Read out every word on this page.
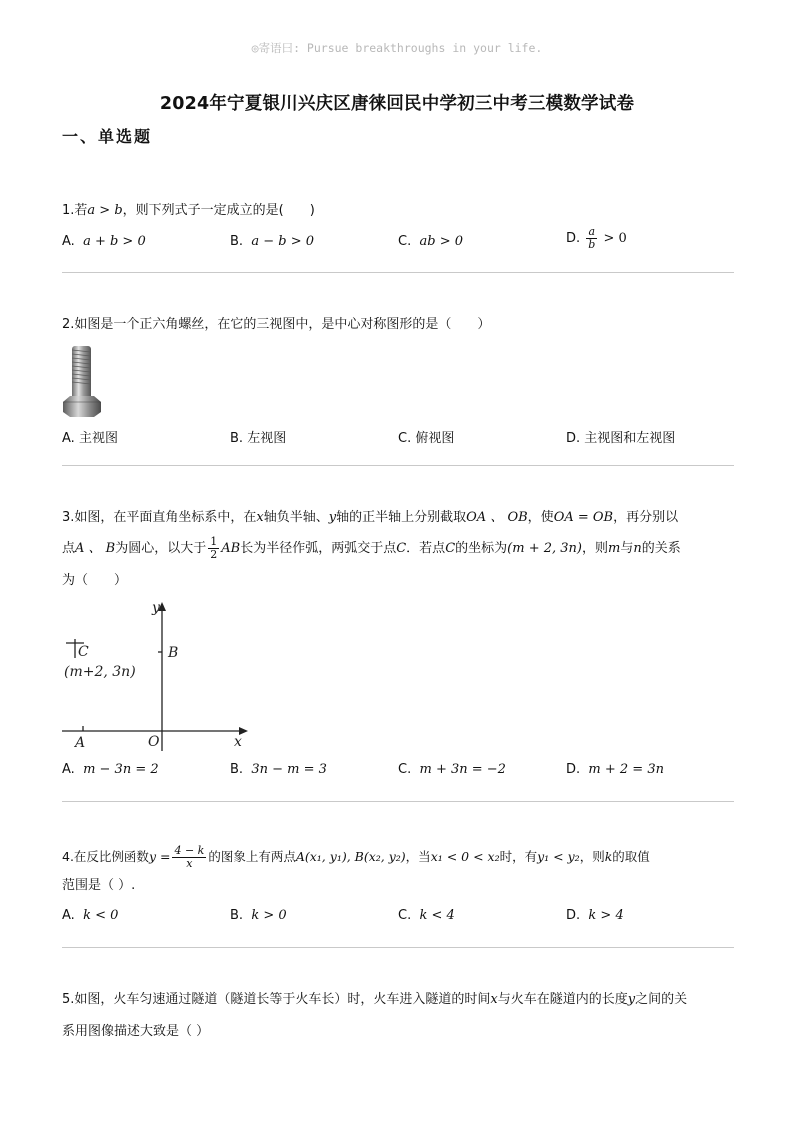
◎寄语曰: Pursue breakthroughs in your life.
2024年宁夏银川兴庆区唐徕回民中学初三中考三模数学试卷
一、单选题
1.若a > b，则下列式子一定成立的是(　　)
A. a + b > 0	B. a − b > 0	C. ab > 0	D. $\frac{a}{b} > 0$
2.如图是一个正六角螺丝，在它的三视图中，是中心对称图形的是（　　）
A. 主视图	B. 左视图	C. 俯视图	D. 主视图和左视图
3.如图，在平面直角坐标系中，在x轴负半轴、y轴的正半轴上分别截取OA 、 OB，使OA = OB，再分别以
点A 、 B为圆心，以大于 $\frac{1}{2}$ AB长为半径作弧，两弧交于点C．若点C的坐标为(m + 2, 3n)，则m与n的关系
为（　　）
y
x
B
A	O
C
(m+2, 3n)
A. m − 3n = 2	B. 3n − m = 3	C. m + 3n = −2	D. m + 2 = 3n
4.在反比例函数$y = \frac{4 - k}{x}$ 的图象上有两点A(x₁, y₁), B(x₂, y₂)，当x₁ < 0 < x₂时，有y₁ < y₂，则k的取值
范围是（ ）.
A. k < 0	B. k > 0	C. k < 4	D. k > 4
5.如图，火车匀速通过隧道（隧道长等于火车长）时，火车进入隧道的时间x与火车在隧道内的长度y之间的关
系用图像描述大致是（ ）
